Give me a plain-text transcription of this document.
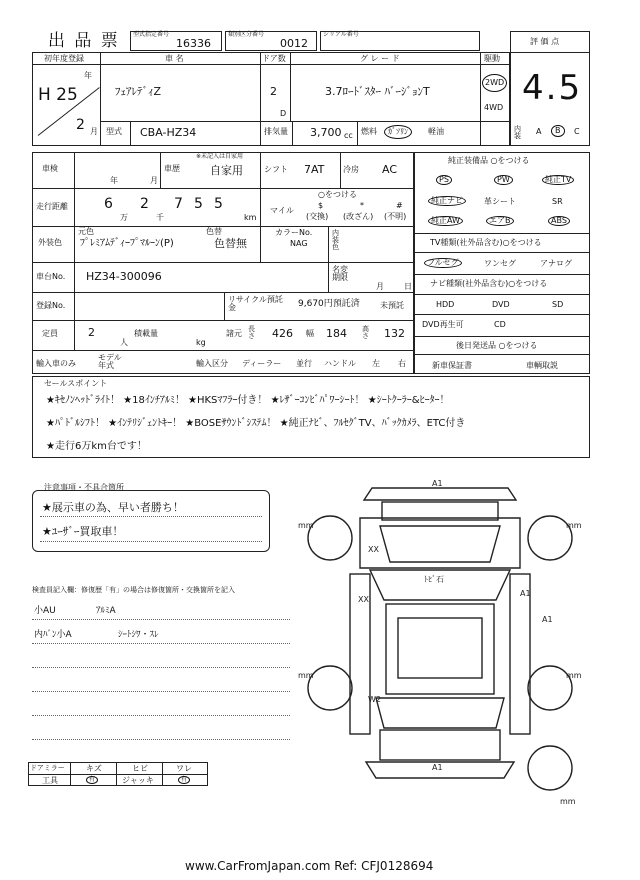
出 品 票 型式指定番号
16336
類別区分番号
0012
シリアル番号
評 価 点
4.5
初年度登録
H 25
年
2 月
車 名
ﾌｪｱﾚﾃﾞｨZ
ドア数
2
D
グ レ ー ド
3.7ﾛｰﾄﾞｽﾀｰ ﾊﾞｰｼﾞｮﾝT
駆動
2WD
4WD
型式 CBA-HZ34	排気量 3,700 cc 燃料	ｶﾞｿﾘﾝ	軽油	内装	A	B	C
車検
年	月
車歴
※未記入は自家用
自家用	シフト 7AT 冷房 AC
走行距離	6
万
2
千
7 5 5
km
○をつける
マイル
$
(交換)
*
(改ざん)
#
(不明)
外装色
元色
ﾌﾟﾚﾐｱﾑﾃﾞｨｰﾌﾟﾏﾙｰﾝ(P)
色替
色替無
カラーNo.
NAG
内装色
車台No. HZ34-300096
名変期限
月	日
登録No.
リサイクル預託金	9,670円預託済	未預託
定員	2
人
積載量
kg
諸元 長さ 426 幅 184 高さ 132
輸入車のみ
モデル年式	輸入区分 ディーラー 並行 ハンドル 左 右
純正装備品 ○をつける
PS	PW	純正TV
純正ナビ	革シート	SR
純正AW	エアB	ABS
TV種類(社外品含む)○をつける
フルセグ	ワンセグ	アナログ
ナビ種類(社外品含む)○をつける
HDD	DVD	SD
DVD再生可	CD
後日発送品 ○をつける
新車保証書	車輌取説
セールスポイント
★ｷｾﾉﾝﾍｯﾄﾞﾗｲﾄ！ ★18ｲﾝﾁｱﾙﾐ！ ★HKSﾏﾌﾗｰ付き！ ★ﾚｻﾞｰｺﾝﾋﾞﾊﾟﾜｰｼｰﾄ！ ★ｼｰﾄｸｰﾗｰ&ﾋｰﾀｰ！
★ﾊﾟﾄﾞﾙｼﾌﾄ！ ★ｲﾝﾃﾘｼﾞｪﾝﾄｷｰ！ ★BOSEｻｳﾝﾄﾞｼｽﾃﾑ！ ★純正ﾅﾋﾞ、ﾌﾙｾｸﾞTV、ﾊﾞｯｸｶﾒﾗ、ETC付き
★走行6万km台です！
注意事項・不具合箇所
★展示車の為、早い者勝ち！
★ﾕｰｻﾞｰ買取車！
検査員記入欄：修復歴「有」の場合は修復箇所・交換箇所を記入
小AU	ｱﾙﾐA
内ﾊﾞﾝ小A	ｼｰﾄｼﾜ・ｽﾚ
ドアミラー	キズ	ヒビ	ワレ
工具	有	ジャッキ	有
A1
XX
ﾄﾋﾞ石
XX
A1
A1
W2
A1
mm	mm
mm	mm
mm
www.CarFromJapan.com Ref: CFJ0128694
